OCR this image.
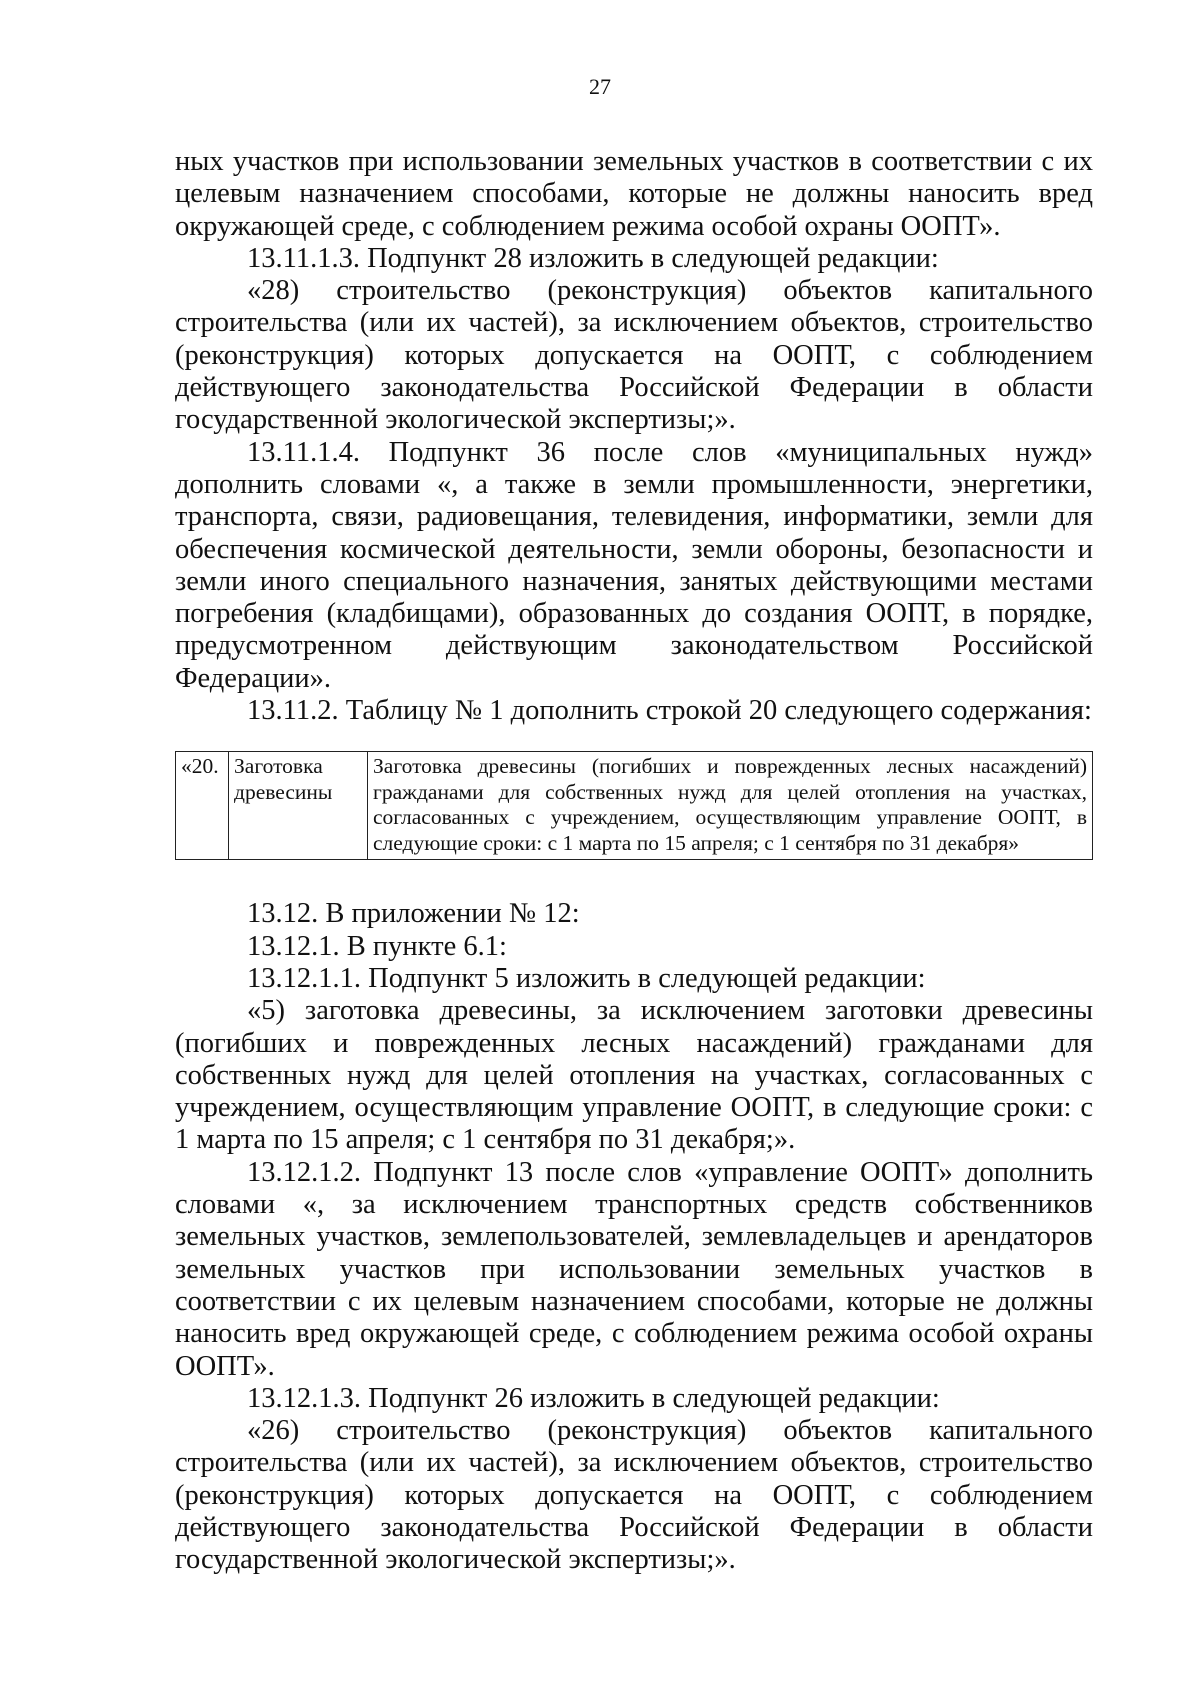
27

ных участков при использовании земельных участков в соответствии с их целевым назначением способами, которые не должны наносить вред окружающей среде, с соблюдением режима особой охраны ООПТ».

13.11.1.3. Подпункт 28 изложить в следующей редакции:

«28) строительство (реконструкция) объектов капитального строительства (или их частей), за исключением объектов, строительство (реконструкция) которых допускается на ООПТ, с соблюдением действующего законодательства Российской Федерации в области государственной экологической экспертизы;».

13.11.1.4. Подпункт 36 после слов «муниципальных нужд» дополнить словами «, а также в земли промышленности, энергетики, транспорта, связи, радиовещания, телевидения, информатики, земли для обеспечения космической деятельности, земли обороны, безопасности и земли иного специального назначения, занятых действующими местами погребения (кладбищами), образованных до создания ООПТ, в порядке, предусмотренном действующим законодательством Российской Федерации».

13.11.2. Таблицу № 1 дополнить строкой 20 следующего содержания:

«20.	Заготовка древесины	Заготовка древесины (погибших и поврежденных лесных насаждений) гражданами для собственных нужд для целей отопления на участках, согласованных с учреждением, осуществляющим управление ООПТ, в следующие сроки: с 1 марта по 15 апреля; с 1 сентября по 31 декабря»

13.12. В приложении № 12:

13.12.1. В пункте 6.1:

13.12.1.1. Подпункт 5 изложить в следующей редакции:

«5) заготовка древесины, за исключением заготовки древесины (погибших и поврежденных лесных насаждений) гражданами для собственных нужд для целей отопления на участках, согласованных с учреждением, осуществляющим управление ООПТ, в следующие сроки: с 1 марта по 15 апреля; с 1 сентября по 31 декабря;».

13.12.1.2. Подпункт 13 после слов «управление ООПТ» дополнить словами «, за исключением транспортных средств собственников земельных участков, землепользователей, землевладельцев и арендаторов земельных участков при использовании земельных участков в соответствии с их целевым назначением способами, которые не должны наносить вред окружающей среде, с соблюдением режима особой охраны ООПТ».

13.12.1.3. Подпункт 26 изложить в следующей редакции:

«26) строительство (реконструкция) объектов капитального строительства (или их частей), за исключением объектов, строительство (реконструкция) которых допускается на ООПТ, с соблюдением действующего законодательства Российской Федерации в области государственной экологической экспертизы;».
